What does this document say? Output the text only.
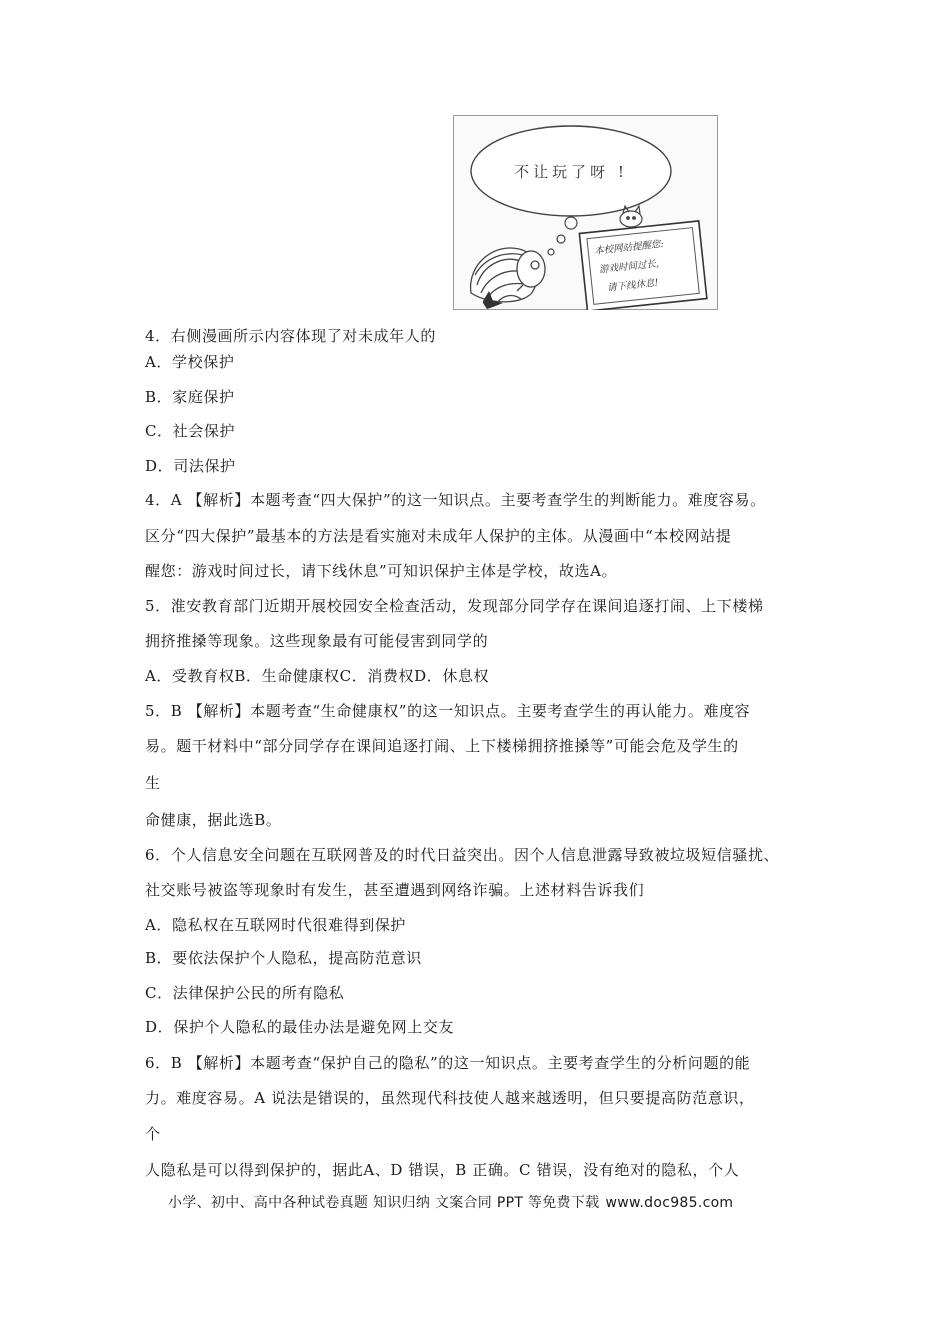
不让玩了呀 !
本校网站提醒您:
游戏时间过长,
请下线休息!
4．右侧漫画所示内容体现了对未成年人的
A．学校保护
B．家庭保护
C．社会保护
D．司法保护
4．A 【解析】本题考查“四大保护”的这一知识点。主要考查学生的判断能力。难度容易。
区分“四大保护”最基本的方法是看实施对未成年人保护的主体。从漫画中“本校网站提
醒您：游戏时间过长，请下线休息”可知识保护主体是学校，故选A。
5．淮安教育部门近期开展校园安全检查活动，发现部分同学存在课间追逐打闹、上下楼梯
拥挤推搡等现象。这些现象最有可能侵害到同学的
A．受教育权B．生命健康权C．消费权D．休息权
5．B 【解析】本题考查“生命健康权”的这一知识点。主要考查学生的再认能力。难度容
易。题干材料中“部分同学存在课间追逐打闹、上下楼梯拥挤推搡等”可能会危及学生的
生
命健康，据此选B。
6．个人信息安全问题在互联网普及的时代日益突出。因个人信息泄露导致被垃圾短信骚扰、
社交账号被盗等现象时有发生，甚至遭遇到网络诈骗。上述材料告诉我们
A．隐私权在互联网时代很难得到保护
B．要依法保护个人隐私，提高防范意识
C．法律保护公民的所有隐私
D．保护个人隐私的最佳办法是避免网上交友
6．B 【解析】本题考查“保护自己的隐私”的这一知识点。主要考查学生的分析问题的能
力。难度容易。A 说法是错误的，虽然现代科技使人越来越透明，但只要提高防范意识，
个
人隐私是可以得到保护的，据此A、D 错误，B 正确。C 错误，没有绝对的隐私，个人
小学、初中、高中各种试卷真题 知识归纳 文案合同 PPT 等免费下载 www.doc985.com
